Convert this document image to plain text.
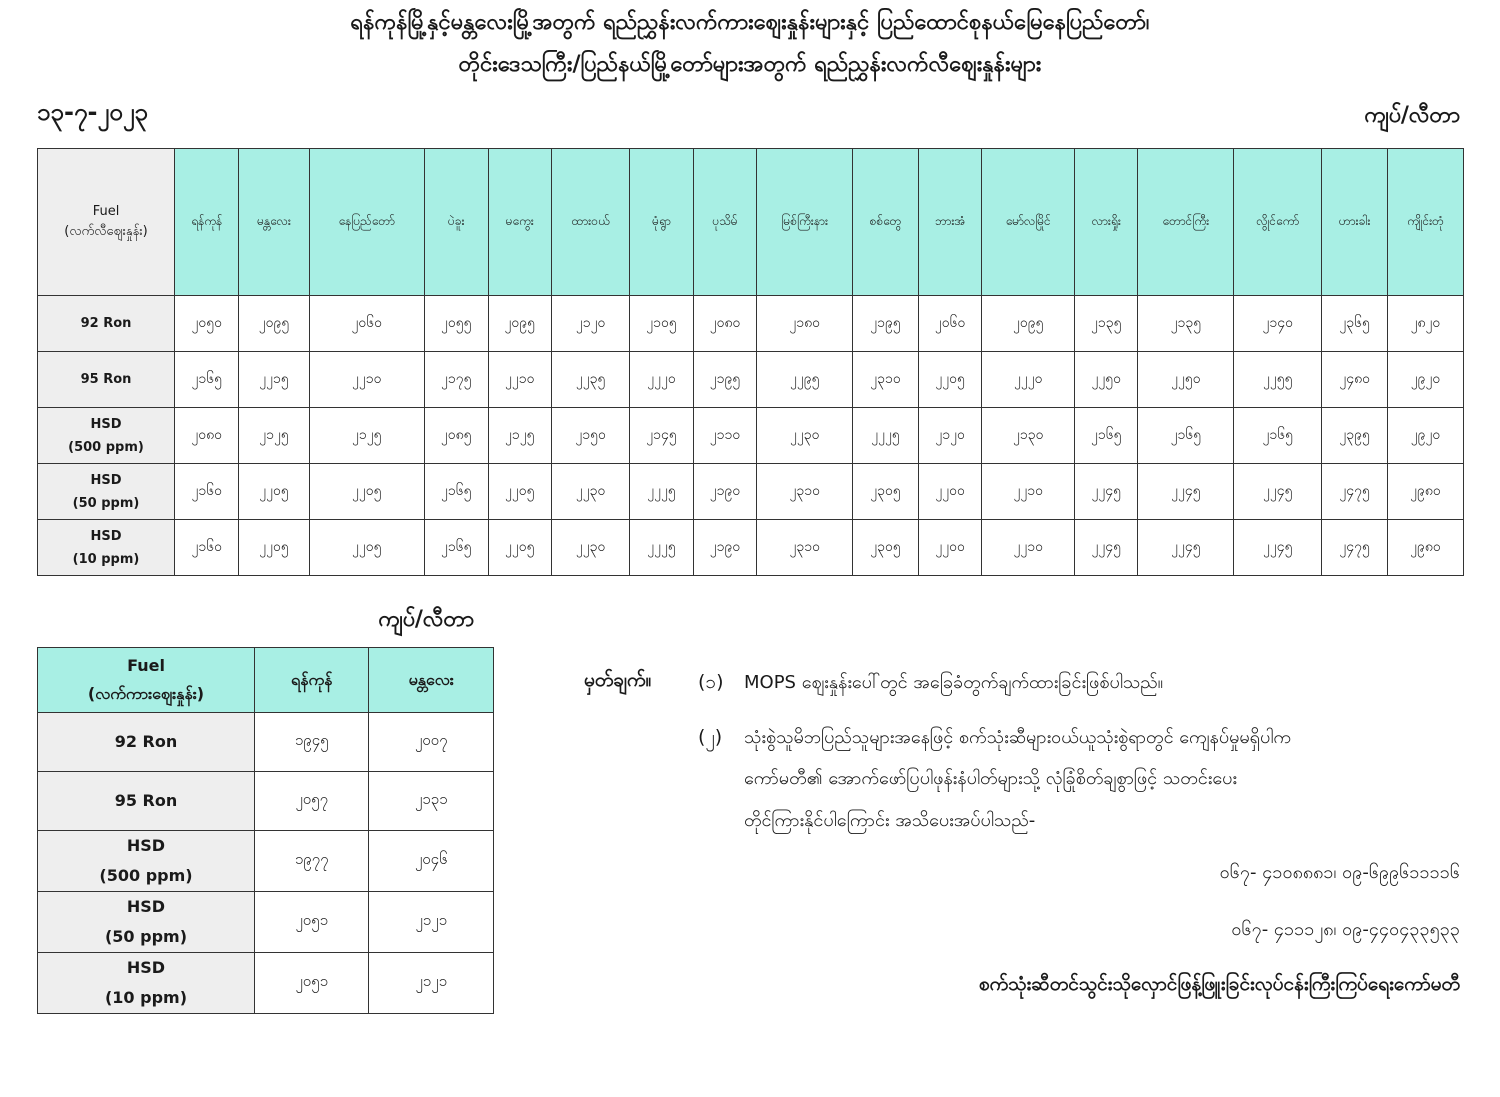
ရန်ကုန်မြို့နှင့်မန္တလေးမြို့အတွက် ရည်ညွှန်းလက်ကားဈေးနှုန်းများနှင့် ပြည်ထောင်စုနယ်မြေနေပြည်တော်၊
တိုင်းဒေသကြီး/ပြည်နယ်မြို့တော်များအတွက် ရည်ညွှန်းလက်လီဈေးနှုန်းများ
၁၃-၇-၂၀၂၃	ကျပ်/လီတာ
Fuel
(လက်လီဈေးနှုန်း)	ရန်ကုန်	မန္တလေး	နေပြည်တော်	ပဲခူး	မကွေး	ထားဝယ်	မုံရွာ	ပုသိမ်	မြစ်ကြီးနား	စစ်တွေ	ဘားအံ	မော်လမြိုင်	လားရှိုး	တောင်ကြီး	လွိုင်ကော်	ဟားခါး	ကျိုင်းတုံ

92 Ron	၂၀၅၀	၂၀၉၅	၂၀၆၀	၂၀၅၅	၂၀၉၅	၂၁၂၀	၂၁၀၅	၂၀၈၀	၂၁၈၀	၂၁၉၅	၂၀၆၀	၂၀၉၅	၂၁၃၅	၂၁၃၅	၂၁၄၀	၂၃၆၅	၂၈၂၀

95 Ron	၂၁၆၅	၂၂၁၅	၂၂၁၀	၂၁၇၅	၂၂၁၀	၂၂၃၅	၂၂၂၀	၂၁၉၅	၂၂၉၅	၂၃၁၀	၂၂၀၅	၂၂၂၀	၂၂၅၀	၂၂၅၀	၂၂၅၅	၂၄၈၀	၂၉၂၀

HSD
(500 ppm)	၂၀၈၀	၂၁၂၅	၂၁၂၅	၂၀၈၅	၂၁၂၅	၂၁၅၀	၂၁၄၅	၂၁၁၀	၂၂၃၀	၂၂၂၅	၂၁၂၀	၂၁၃၀	၂၁၆၅	၂၁၆၅	၂၁၆၅	၂၃၉၅	၂၉၂၀

HSD
(50 ppm)	၂၁၆၀	၂၂၀၅	၂၂၀၅	၂၁၆၅	၂၂၀၅	၂၂၃၀	၂၂၂၅	၂၁၉၀	၂၃၁၀	၂၃၀၅	၂၂၀၀	၂၂၁၀	၂၂၄၅	၂၂၄၅	၂၂၄၅	၂၄၇၅	၂၉၈၀

HSD
(10 ppm)	၂၁၆၀	၂၂၀၅	၂၂၀၅	၂၁၆၅	၂၂၀၅	၂၂၃၀	၂၂၂၅	၂၁၉၀	၂၃၁၀	၂၃၀၅	၂၂၀၀	၂၂၁၀	၂၂၄၅	၂၂၄၅	၂၂၄၅	၂၄၇၅	၂၉၈၀
ကျပ်/လီတာ
Fuel
(လက်ကားဈေးနှုန်း)	ရန်ကုန်	မန္တလေး

92 Ron	၁၉၄၅	၂၀၀၇

95 Ron	၂၀၅၇	၂၁၃၁

HSD
(500 ppm)	၁၉၇၇	၂၀၄၆

HSD
(50 ppm)	၂၀၅၁	၂၁၂၁

HSD
(10 ppm)	၂၀၅၁	၂၁၂၁
မှတ်ချက်။ (၁) MOPS ဈေးနှုန်းပေါ်တွင် အခြေခံတွက်ချက်ထားခြင်းဖြစ်ပါသည်။
(၂) သုံးစွဲသူမိဘပြည်သူများအနေဖြင့် စက်သုံးဆီများဝယ်ယူသုံးစွဲရာတွင် ကျေနပ်မှုမရှိပါက
ကော်မတီ၏ အောက်ဖော်ပြပါဖုန်းနံပါတ်များသို့ လုံခြုံစိတ်ချစွာဖြင့် သတင်းပေး
တိုင်ကြားနိုင်ပါကြောင်း အသိပေးအပ်ပါသည်-
၀၆၇- ၄၁၀၈၈၈၁၊ ၀၉-၆၉၉၆၁၁၁၁၆
၀၆၇- ၄၁၁၁၂၈၊ ၀၉-၄၄၀၄၃၃၅၃၃
စက်သုံးဆီတင်သွင်းသိုလှောင်ဖြန့်ဖြူးခြင်းလုပ်ငန်းကြီးကြပ်ရေးကော်မတီ
